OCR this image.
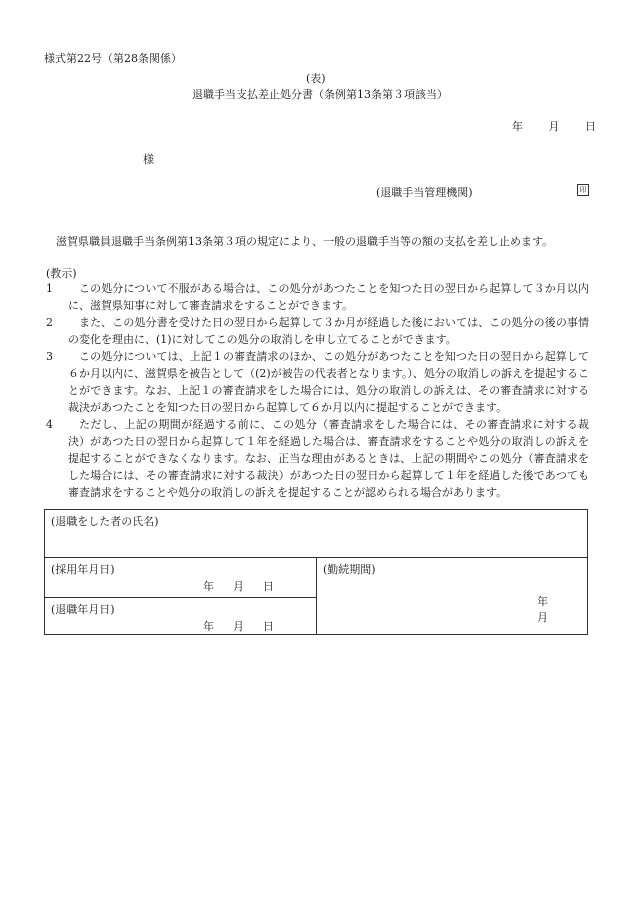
様式第22号（第28条関係）
(表)
退職手当支払差止処分書（条例第13条第３項該当）
年 月 日
様
(退職手当管理機関)	印
滋賀県職員退職手当条例第13条第３項の規定により、一般の退職手当等の額の支払を差し止めます。
(教示)
1	この処分について不服がある場合は、この処分があつたことを知つた日の翌日から起算して３か月以内に、滋賀県知事に対して審査請求をすることができます。
2	また、この処分書を受けた日の翌日から起算して３か月が経過した後においては、この処分の後の事情の変化を理由に、(1)に対してこの処分の取消しを申し立てることができます。
3	この処分については、上記１の審査請求のほか、この処分があつたことを知つた日の翌日から起算して６か月以内に、滋賀県を被告として（(2)が被告の代表者となります。）、処分の取消しの訴えを提起することができます。なお、上記１の審査請求をした場合には、処分の取消しの訴えは、その審査請求に対する裁決があつたことを知つた日の翌日から起算して６か月以内に提起することができます。
4	ただし、上記の期間が経過する前に、この処分（審査請求をした場合には、その審査請求に対する裁決）があつた日の翌日から起算して１年を経過した場合は、審査請求をすることや処分の取消しの訴えを提起することができなくなります。なお、正当な理由があるときは、上記の期間やこの処分（審査請求をした場合には、その審査請求に対する裁決）があつた日の翌日から起算して１年を経過した後であつても審査請求をすることや処分の取消しの訴えを提起することが認められる場合があります。
(退職をした者の氏名)
(採用年月日)
年 月 日
(退職年月日)
年 月 日
(勤続期間)
年月
